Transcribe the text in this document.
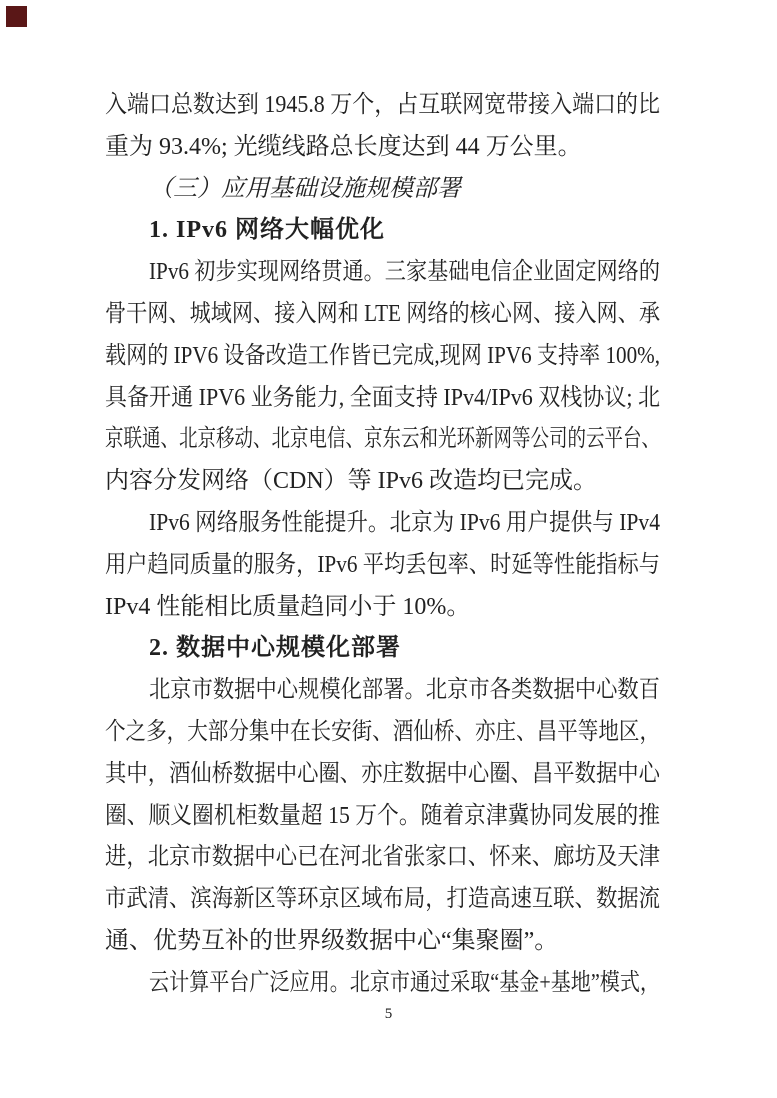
入端口总数达到 1945.8 万个，占互联网宽带接入端口的比
重为 93.4%; 光缆线路总长度达到 44 万公里。
（三）应用基础设施规模部署
1. IPv6 网络大幅优化
IPv6 初步实现网络贯通。三家基础电信企业固定网络的
骨干网、城域网、接入网和 LTE 网络的核心网、接入网、承
载网的 IPV6 设备改造工作皆已完成,现网 IPV6 支持率 100%,
具备开通 IPV6 业务能力, 全面支持 IPv4/IPv6 双栈协议; 北
京联通、北京移动、北京电信、京东云和光环新网等公司的云平台、
内容分发网络（CDN）等 IPv6 改造均已完成。
IPv6 网络服务性能提升。北京为 IPv6 用户提供与 IPv4
用户趋同质量的服务，IPv6 平均丢包率、时延等性能指标与
IPv4 性能相比质量趋同小于 10%。
2. 数据中心规模化部署
北京市数据中心规模化部署。北京市各类数据中心数百
个之多，大部分集中在长安街、酒仙桥、亦庄、昌平等地区，
其中，酒仙桥数据中心圈、亦庄数据中心圈、昌平数据中心
圈、顺义圈机柜数量超 15 万个。随着京津冀协同发展的推
进，北京市数据中心已在河北省张家口、怀来、廊坊及天津
市武清、滨海新区等环京区域布局，打造高速互联、数据流
通、优势互补的世界级数据中心“集聚圈”。
云计算平台广泛应用。北京市通过采取“基金+基地”模式，
5
